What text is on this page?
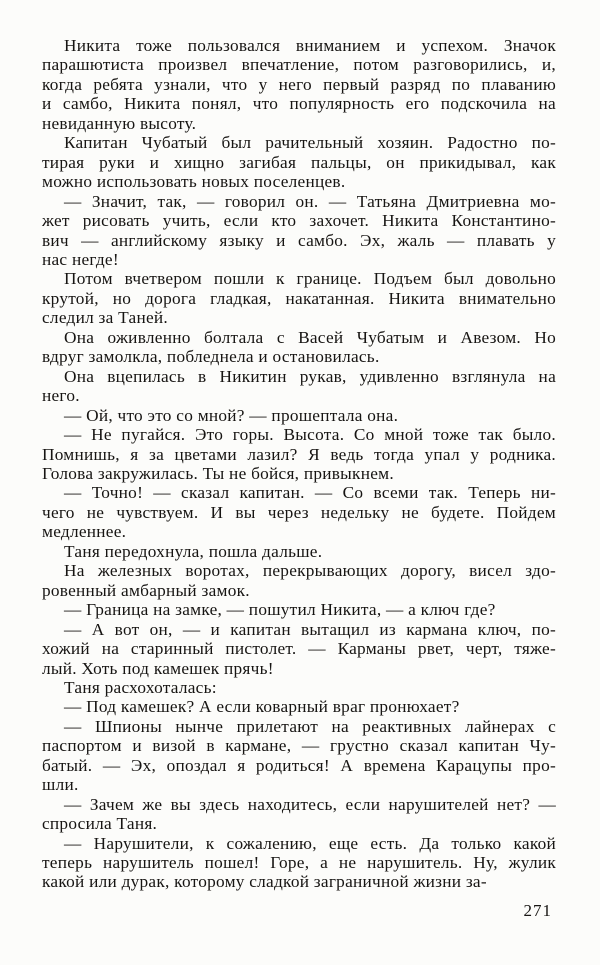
Никита тоже пользовался вниманием и успехом. Значок
парашютиста произвел впечатление, потом разговорились, и,
когда ребята узнали, что у него первый разряд по плаванию
и самбо, Никита понял, что популярность его подскочила на
невиданную высоту.

Капитан Чубатый был рачительный хозяин. Радостно по-
тирая руки и хищно загибая пальцы, он прикидывал, как
можно использовать новых поселенцев.

— Значит, так, — говорил он. — Татьяна Дмитриевна мо-
жет рисовать учить, если кто захочет. Никита Константино-
вич — английскому языку и самбо. Эх, жаль — плавать у
нас негде!

Потом вчетвером пошли к границе. Подъем был довольно
крутой, но дорога гладкая, накатанная. Никита внимательно
следил за Таней.

Она оживленно болтала с Васей Чубатым и Авезом. Но
вдруг замолкла, побледнела и остановилась.

Она вцепилась в Никитин рукав, удивленно взглянула на
него.

— Ой, что это со мной? — прошептала она.

— Не пугайся. Это горы. Высота. Со мной тоже так было.
Помнишь, я за цветами лазил? Я ведь тогда упал у родника.
Голова закружилась. Ты не бойся, привыкнем.

— Точно! — сказал капитан. — Со всеми так. Теперь ни-
чего не чувствуем. И вы через недельку не будете. Пойдем
медленнее.

Таня передохнула, пошла дальше.

На железных воротах, перекрывающих дорогу, висел здо-
ровенный амбарный замок.

— Граница на замке, — пошутил Никита, — а ключ где?

— А вот он, — и капитан вытащил из кармана ключ, по-
хожий на старинный пистолет. — Карманы рвет, черт, тяже-
лый. Хоть под камешек прячь!

Таня расхохоталась:

— Под камешек? А если коварный враг пронюхает?

— Шпионы нынче прилетают на реактивных лайнерах с
паспортом и визой в кармане, — грустно сказал капитан Чу-
батый. — Эх, опоздал я родиться! А времена Карацупы про-
шли.

— Зачем же вы здесь находитесь, если нарушителей нет? —
спросила Таня.

— Нарушители, к сожалению, еще есть. Да только какой
теперь нарушитель пошел! Горе, а не нарушитель. Ну, жулик
какой или дурак, которому сладкой заграничной жизни за-

271
